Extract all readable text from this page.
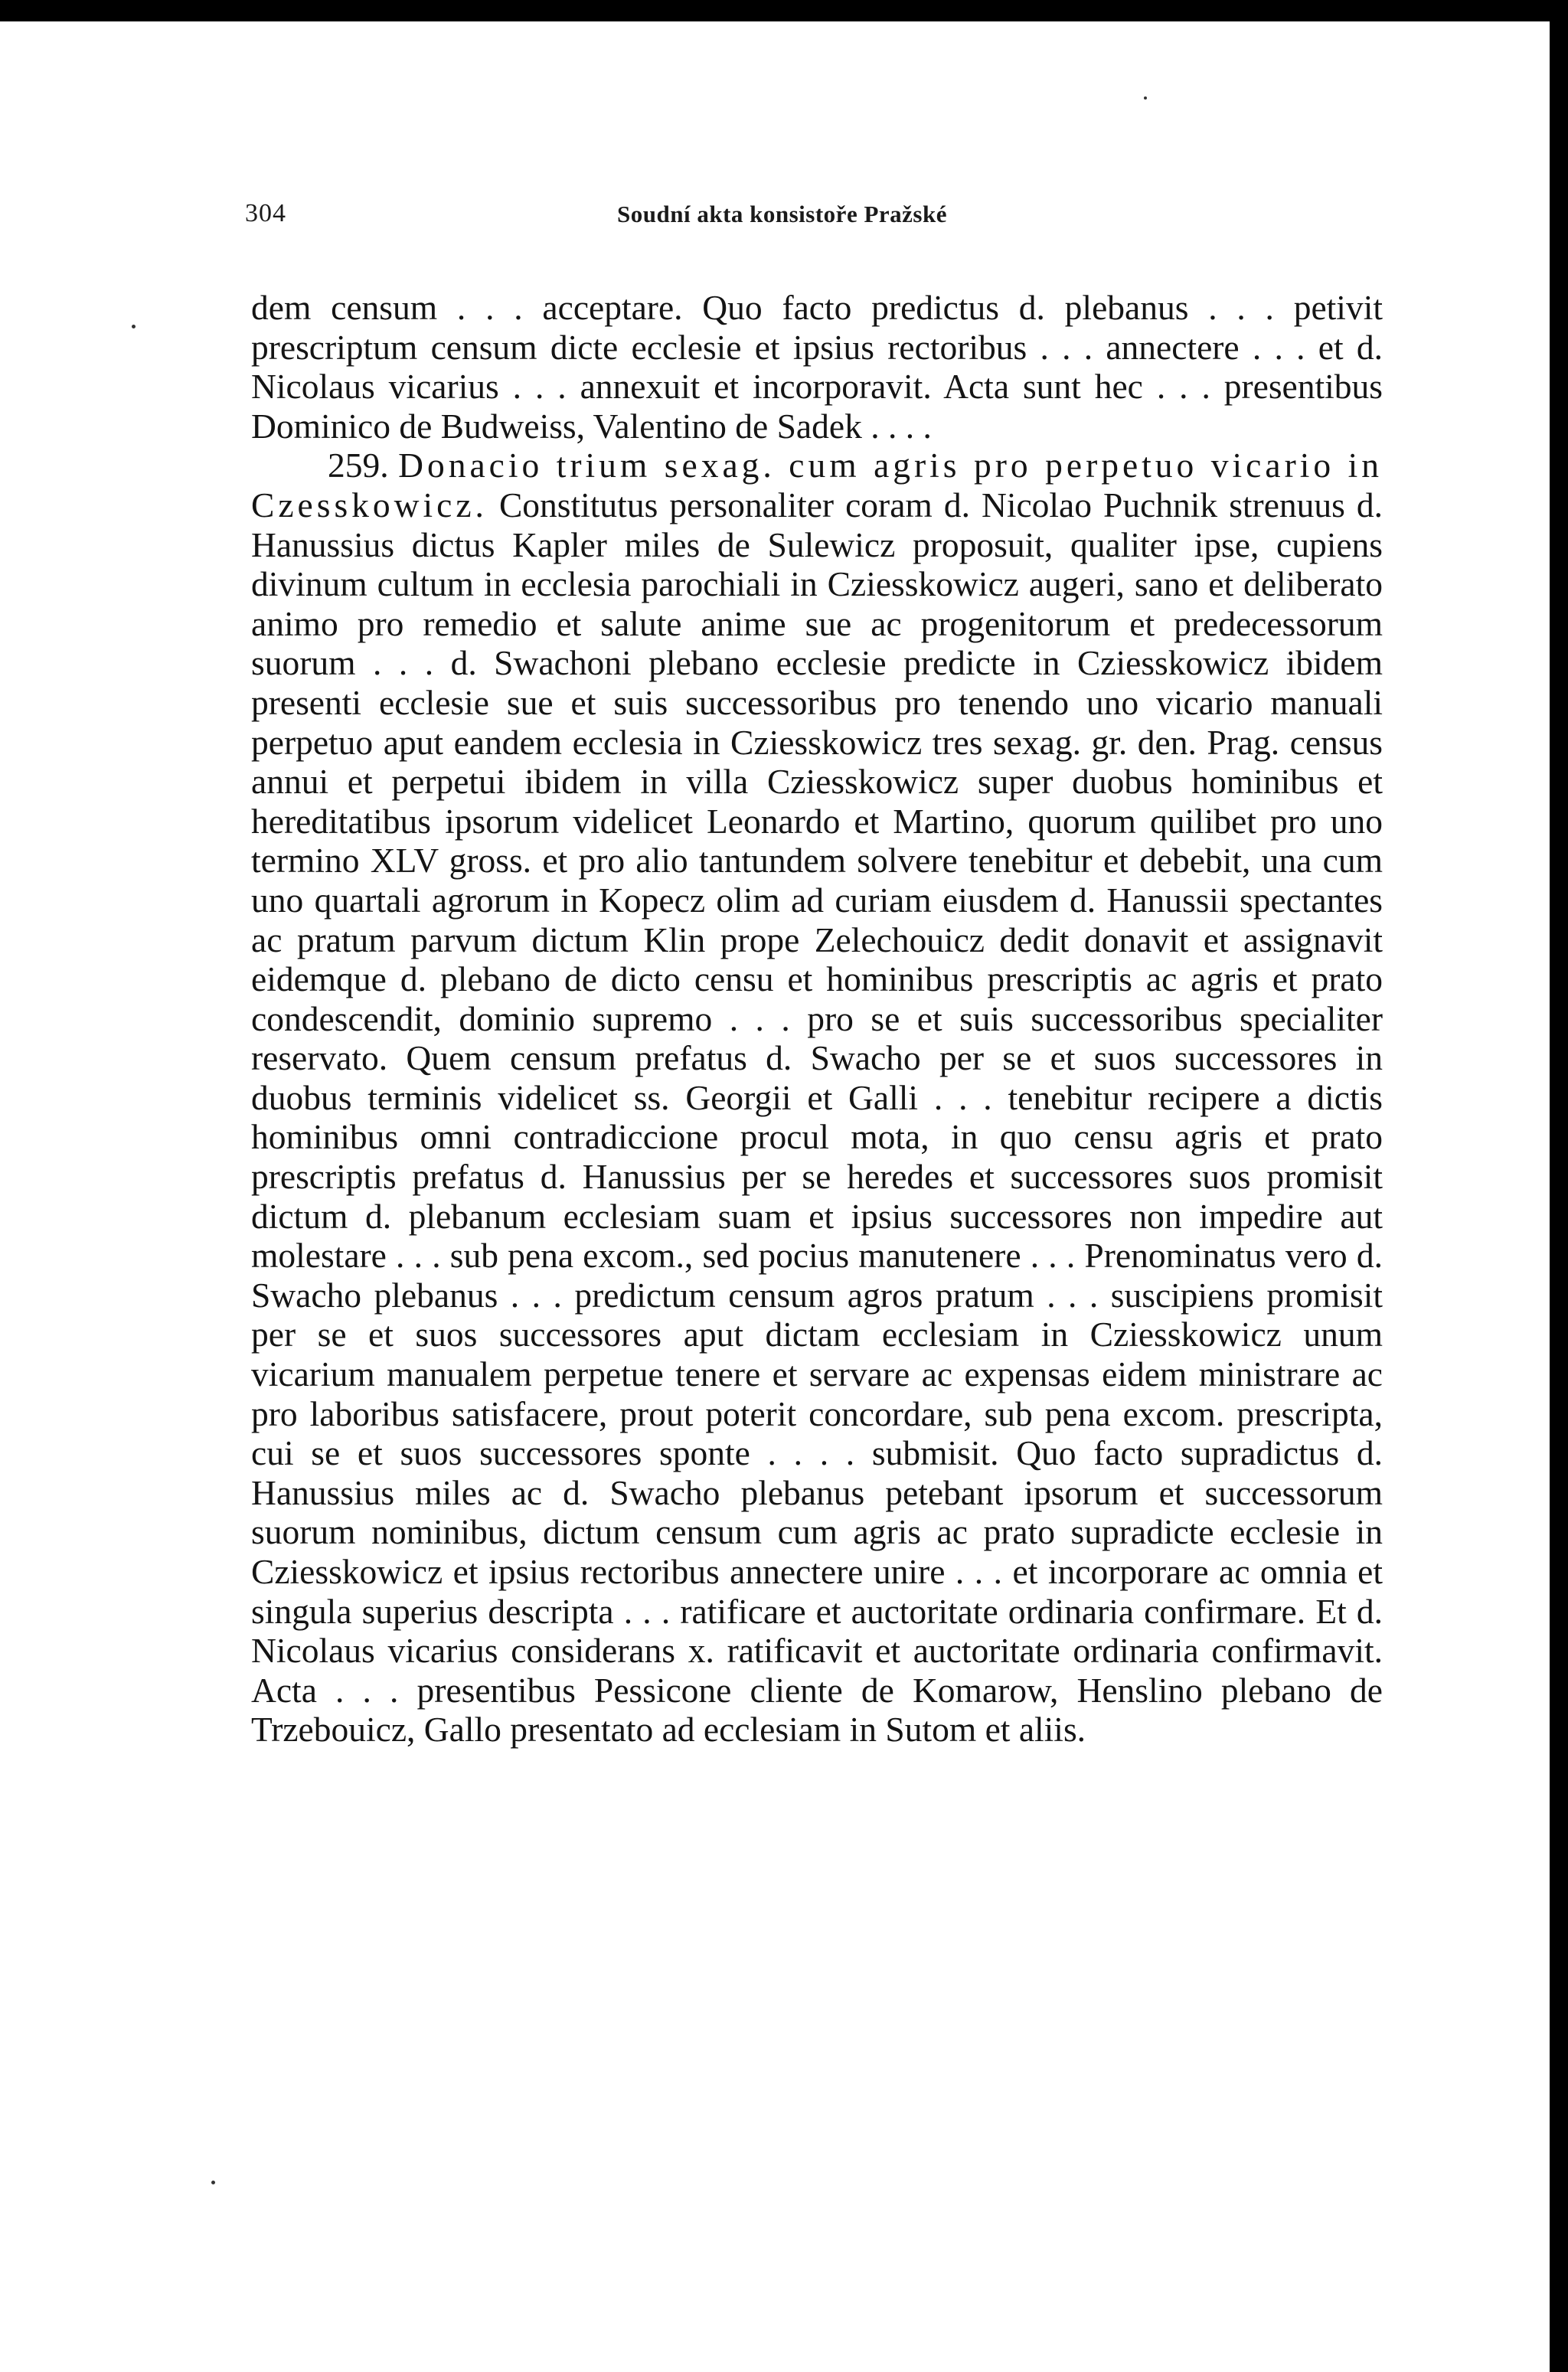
304	Soudní akta konsistoře Pražské

dem censum . . . acceptare. Quo facto predictus d. plebanus . . . petivit prescriptum censum dicte ecclesie et ipsius rectoribus . . . annectere . . . et d. Nicolaus vicarius . . . annexuit et incorporavit. Acta sunt hec . . . presentibus Dominico de Budweiss, Valentino de Sadek . . . .

259. Donacio trium sexag. cum agris pro perpetuo vicario in Czesskowicz. Constitutus personaliter coram d. Nicolao Puchnik strenuus d. Hanussius dictus Kapler miles de Sulewicz proposuit, qualiter ipse, cupiens divinum cultum in ecclesia parochiali in Cziesskowicz augeri, sano et deliberato animo pro remedio et salute anime sue ac progenitorum et predecessorum suorum . . . d. Swachoni plebano ecclesie predicte in Cziesskowicz ibidem presenti ecclesie sue et suis successoribus pro tenendo uno vicario manuali perpetuo aput eandem ecclesia in Cziesskowicz tres sexag. gr. den. Prag. census annui et perpetui ibidem in villa Cziesskowicz super duobus hominibus et hereditatibus ipsorum videlicet Leonardo et Martino, quorum quilibet pro uno termino XLV gross. et pro alio tantundem solvere tenebitur et debebit, una cum uno quartali agrorum in Kopecz olim ad curiam eiusdem d. Hanussii spectantes ac pratum parvum dictum Klin prope Zelechouicz dedit donavit et assignavit eidemque d. plebano de dicto censu et hominibus prescriptis ac agris et prato condescendit, dominio supremo . . . pro se et suis successoribus specialiter reservato. Quem censum prefatus d. Swacho per se et suos successores in duobus terminis videlicet ss. Georgii et Galli . . . tenebitur recipere a dictis hominibus omni contradiccione procul mota, in quo censu agris et prato prescriptis prefatus d. Hanussius per se heredes et successores suos promisit dictum d. plebanum ecclesiam suam et ipsius successores non impedire aut molestare . . . sub pena excom., sed pocius manutenere . . . Prenominatus vero d. Swacho plebanus . . . predictum censum agros pratum . . . suscipiens promisit per se et suos successores aput dictam ecclesiam in Cziesskowicz unum vicarium manualem perpetue tenere et servare ac expensas eidem ministrare ac pro laboribus satisfacere, prout poterit concordare, sub pena excom. prescripta, cui se et suos successores sponte . . . . submisit. Quo facto supradictus d. Hanussius miles ac d. Swacho plebanus petebant ipsorum et successorum suorum nominibus, dictum censum cum agris ac prato supradicte ecclesie in Cziesskowicz et ipsius rectoribus annectere unire . . . et incorporare ac omnia et singula superius descripta . . . ratificare et auctoritate ordinaria confirmare. Et d. Nicolaus vicarius considerans x. ratificavit et auctoritate ordinaria confirmavit. Acta . . . presentibus Pessicone cliente de Komarow, Henslino plebano de Trzebouicz, Gallo presentato ad ecclesiam in Sutom et aliis.
